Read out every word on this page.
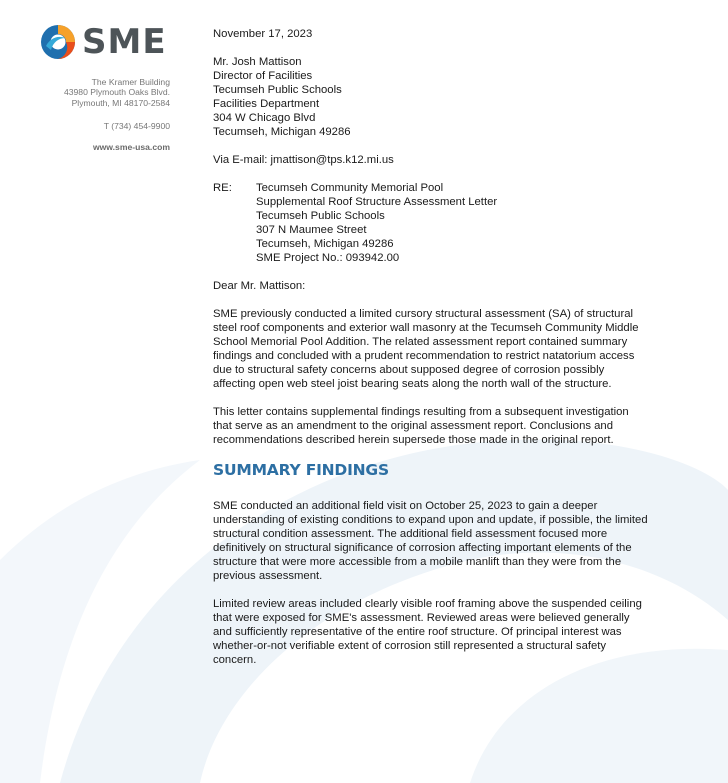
SME
The Kramer Building
43980 Plymouth Oaks Blvd.
Plymouth, MI 48170-2584
T (734) 454-9900
www.sme-usa.com
November 17, 2023
Mr. Josh Mattison
Director of Facilities
Tecumseh Public Schools
Facilities Department
304 W Chicago Blvd
Tecumseh, Michigan 49286
Via E-mail: jmattison@tps.k12.mi.us
RE:	Tecumseh Community Memorial Pool
Supplemental Roof Structure Assessment Letter
Tecumseh Public Schools
307 N Maumee Street
Tecumseh, Michigan 49286
SME Project No.: 093942.00
Dear Mr. Mattison:

SME previously conducted a limited cursory structural assessment (SA) of structural steel roof components and exterior wall masonry at the Tecumseh Community Middle School Memorial Pool Addition. The related assessment report contained summary findings and concluded with a prudent recommendation to restrict natatorium access due to structural safety concerns about supposed degree of corrosion possibly affecting open web steel joist bearing seats along the north wall of the structure.

This letter contains supplemental findings resulting from a subsequent investigation that serve as an amendment to the original assessment report. Conclusions and recommendations described herein supersede those made in the original report.

SUMMARY FINDINGS

SME conducted an additional field visit on October 25, 2023 to gain a deeper understanding of existing conditions to expand upon and update, if possible, the limited structural condition assessment. The additional field assessment focused more definitively on structural significance of corrosion affecting important elements of the structure that were more accessible from a mobile manlift than they were from the previous assessment.

Limited review areas included clearly visible roof framing above the suspended ceiling that were exposed for SME's assessment. Reviewed areas were believed generally and sufficiently representative of the entire roof structure. Of principal interest was whether-or-not verifiable extent of corrosion still represented a structural safety concern.
